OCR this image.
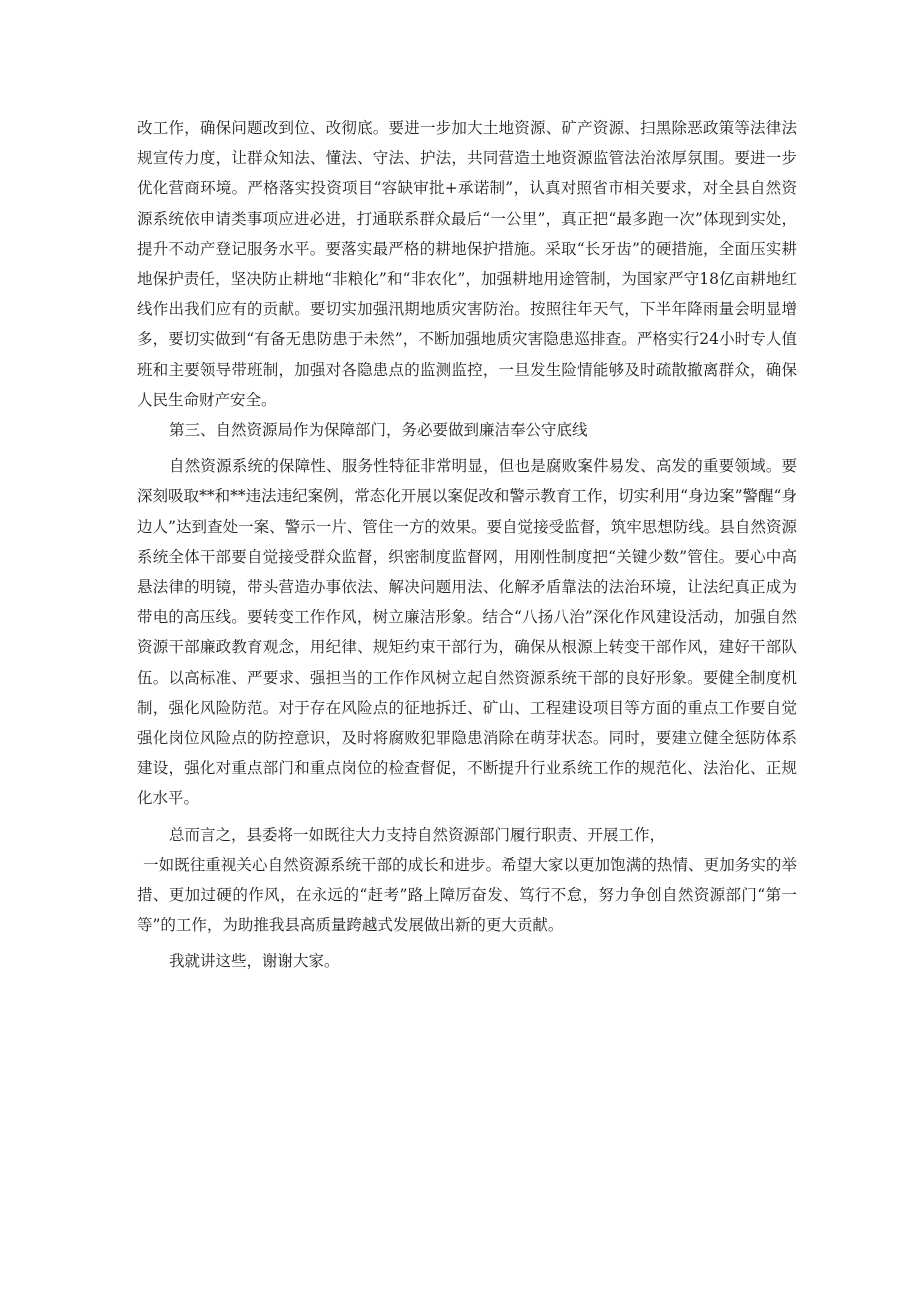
改工作，确保问题改到位、改彻底。要进一步加大土地资源、矿产资源、扫黑除恶政策等法律法规宣传力度，让群众知法、懂法、守法、护法，共同营造土地资源监管法治浓厚氛围。要进一步优化营商环境。严格落实投资项目“容缺审批+承诺制”，认真对照省市相关要求，对全县自然资源系统依申请类事项应进必进，打通联系群众最后“一公里”，真正把“最多跑一次”体现到实处，提升不动产登记服务水平。要落实最严格的耕地保护措施。采取“长牙齿”的硬措施，全面压实耕地保护责任，坚决防止耕地“非粮化”和“非农化”，加强耕地用途管制，为国家严守18亿亩耕地红线作出我们应有的贡献。要切实加强汛期地质灾害防治。按照往年天气，下半年降雨量会明显增多，要切实做到“有备无患防患于未然”，不断加强地质灾害隐患巡排查。严格实行24小时专人值班和主要领导带班制，加强对各隐患点的监测监控，一旦发生险情能够及时疏散撤离群众，确保人民生命财产安全。

第三、自然资源局作为保障部门，务必要做到廉洁奉公守底线

自然资源系统的保障性、服务性特征非常明显，但也是腐败案件易发、高发的重要领域。要深刻吸取**和**违法违纪案例，常态化开展以案促改和警示教育工作，切实利用“身边案”警醒“身边人”达到查处一案、警示一片、管住一方的效果。要自觉接受监督，筑牢思想防线。县自然资源系统全体干部要自觉接受群众监督，织密制度监督网，用刚性制度把“关键少数”管住。要心中高悬法律的明镜，带头营造办事依法、解决问题用法、化解矛盾靠法的法治环境，让法纪真正成为带电的高压线。要转变工作作风，树立廉洁形象。结合“八扬八治”深化作风建设活动，加强自然资源干部廉政教育观念，用纪律、规矩约束干部行为，确保从根源上转变干部作风，建好干部队伍。以高标准、严要求、强担当的工作作风树立起自然资源系统干部的良好形象。要健全制度机制，强化风险防范。对于存在风险点的征地拆迁、矿山、工程建设项目等方面的重点工作要自觉强化岗位风险点的防控意识，及时将腐败犯罪隐患消除在萌芽状态。同时，要建立健全惩防体系建设，强化对重点部门和重点岗位的检查督促，不断提升行业系统工作的规范化、法治化、正规化水平。

总而言之，县委将一如既往大力支持自然资源部门履行职责、开展工作，
一如既往重视关心自然资源系统干部的成长和进步。希望大家以更加饱满的热情、更加务实的举措、更加过硬的作风，在永远的“赶考”路上障厉奋发、笃行不怠，努力争创自然资源部门“第一等”的工作，为助推我县高质量跨越式发展做出新的更大贡献。

我就讲这些，谢谢大家。
